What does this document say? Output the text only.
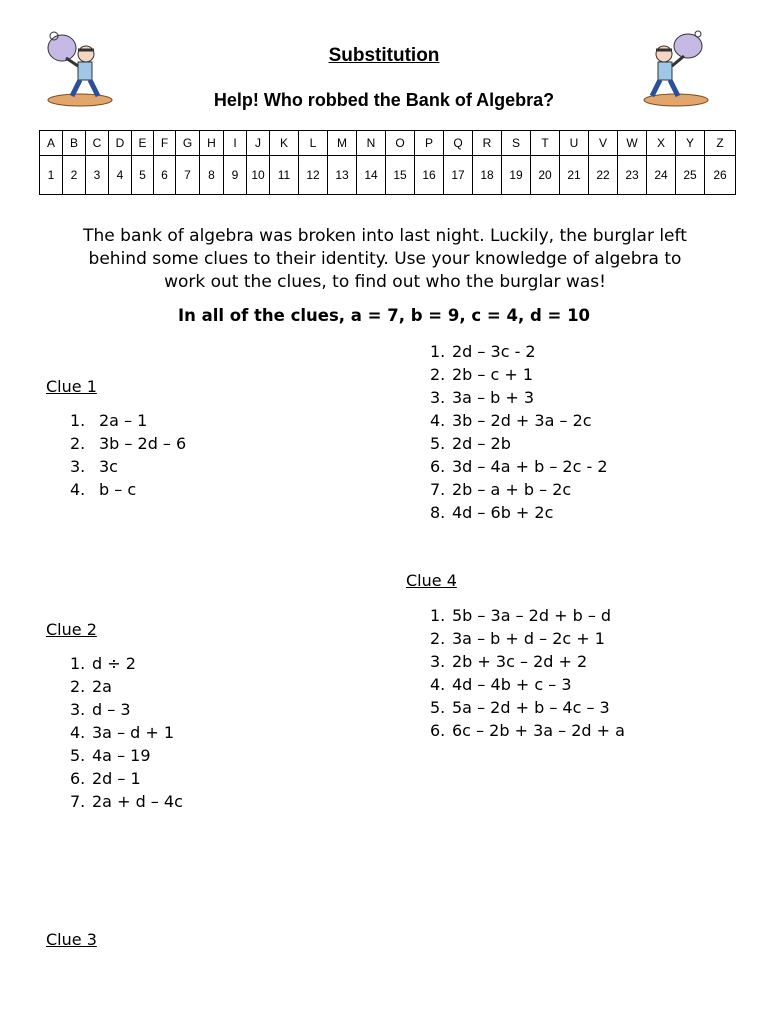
Substitution
Help! Who robbed the Bank of Algebra?
A	B	C	D	E	F	G	H	I	J	K	L	M	N	O	P	Q	R	S	T	U	V	W	X	Y	Z
1	2	3	4	5	6	7	8	9	10	11	12	13	14	15	16	17	18	19	20	21	22	23	24	25	26
The bank of algebra was broken into last night. Luckily, the burglar left
behind some clues to their identity. Use your knowledge of algebra to
work out the clues, to find out who the burglar was!
In all of the clues, a = 7, b = 9, c = 4, d = 10
Clue 1
1. 2a – 1
2. 3b – 2d – 6
3. 3c
4. b – c
Clue 2
1. d ÷ 2
2. 2a
3. d – 3
4. 3a – d + 1
5. 4a – 19
6. 2d – 1
7. 2a + d – 4c
Clue 3
1. 2d – 3c - 2
2. 2b – c + 1
3. 3a – b + 3
4. 3b – 2d + 3a – 2c
5. 2d – 2b
6. 3d – 4a + b – 2c - 2
7. 2b – a + b – 2c
8. 4d – 6b + 2c
Clue 4
1. 5b – 3a – 2d + b – d
2. 3a – b + d – 2c + 1
3. 2b + 3c – 2d + 2
4. 4d – 4b + c – 3
5. 5a – 2d + b – 4c – 3
6. 6c – 2b + 3a – 2d + a
